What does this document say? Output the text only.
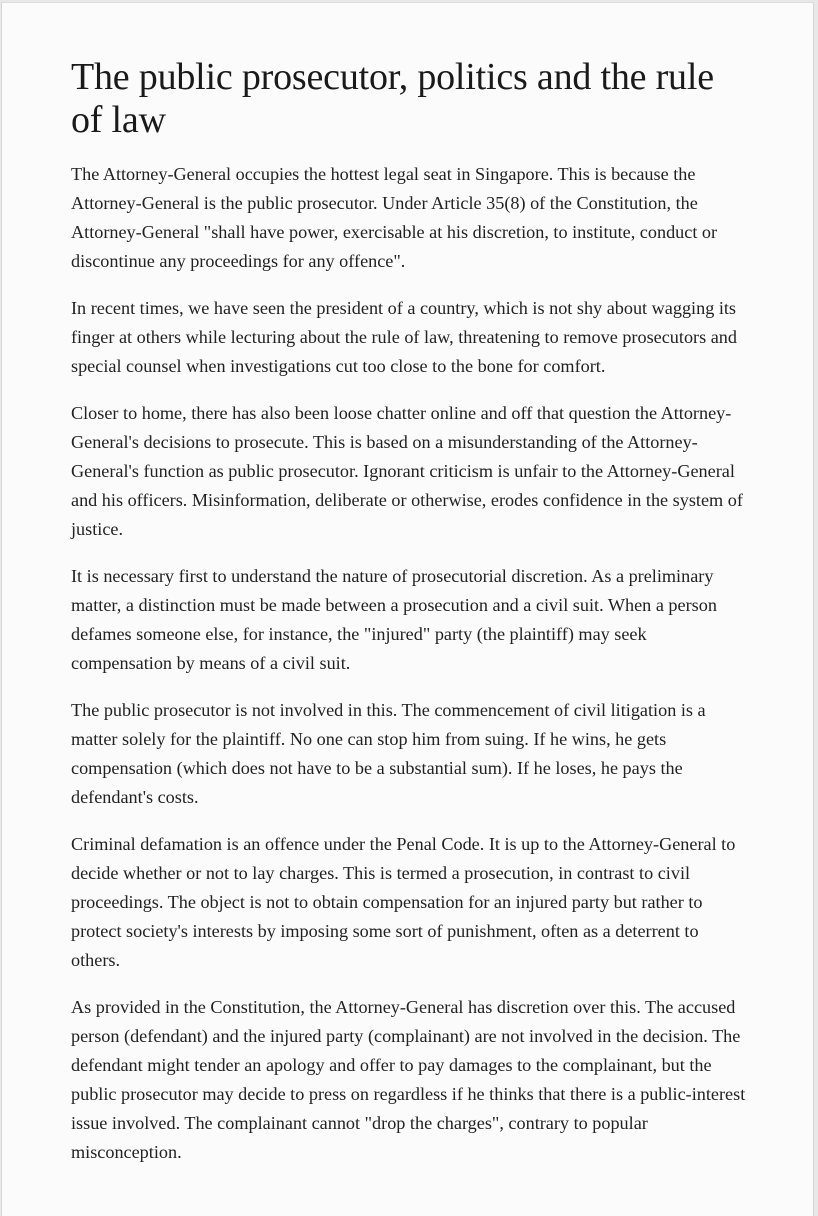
The public prosecutor, politics and the rule of law

The Attorney-General occupies the hottest legal seat in Singapore. This is because the Attorney-General is the public prosecutor. Under Article 35(8) of the Constitution, the Attorney-General "shall have power, exercisable at his discretion, to institute, conduct or discontinue any proceedings for any offence".

In recent times, we have seen the president of a country, which is not shy about wagging its finger at others while lecturing about the rule of law, threatening to remove prosecutors and special counsel when investigations cut too close to the bone for comfort.

Closer to home, there has also been loose chatter online and off that question the Attorney-General's decisions to prosecute. This is based on a misunderstanding of the Attorney-General's function as public prosecutor. Ignorant criticism is unfair to the Attorney-General and his officers. Misinformation, deliberate or otherwise, erodes confidence in the system of justice.

It is necessary first to understand the nature of prosecutorial discretion. As a preliminary matter, a distinction must be made between a prosecution and a civil suit. When a person defames someone else, for instance, the "injured" party (the plaintiff) may seek compensation by means of a civil suit.

The public prosecutor is not involved in this. The commencement of civil litigation is a matter solely for the plaintiff. No one can stop him from suing. If he wins, he gets compensation (which does not have to be a substantial sum). If he loses, he pays the defendant's costs.

Criminal defamation is an offence under the Penal Code. It is up to the Attorney-General to decide whether or not to lay charges. This is termed a prosecution, in contrast to civil proceedings. The object is not to obtain compensation for an injured party but rather to protect society's interests by imposing some sort of punishment, often as a deterrent to others.

As provided in the Constitution, the Attorney-General has discretion over this. The accused person (defendant) and the injured party (complainant) are not involved in the decision. The defendant might tender an apology and offer to pay damages to the complainant, but the public prosecutor may decide to press on regardless if he thinks that there is a public-interest issue involved. The complainant cannot "drop the charges", contrary to popular misconception.
